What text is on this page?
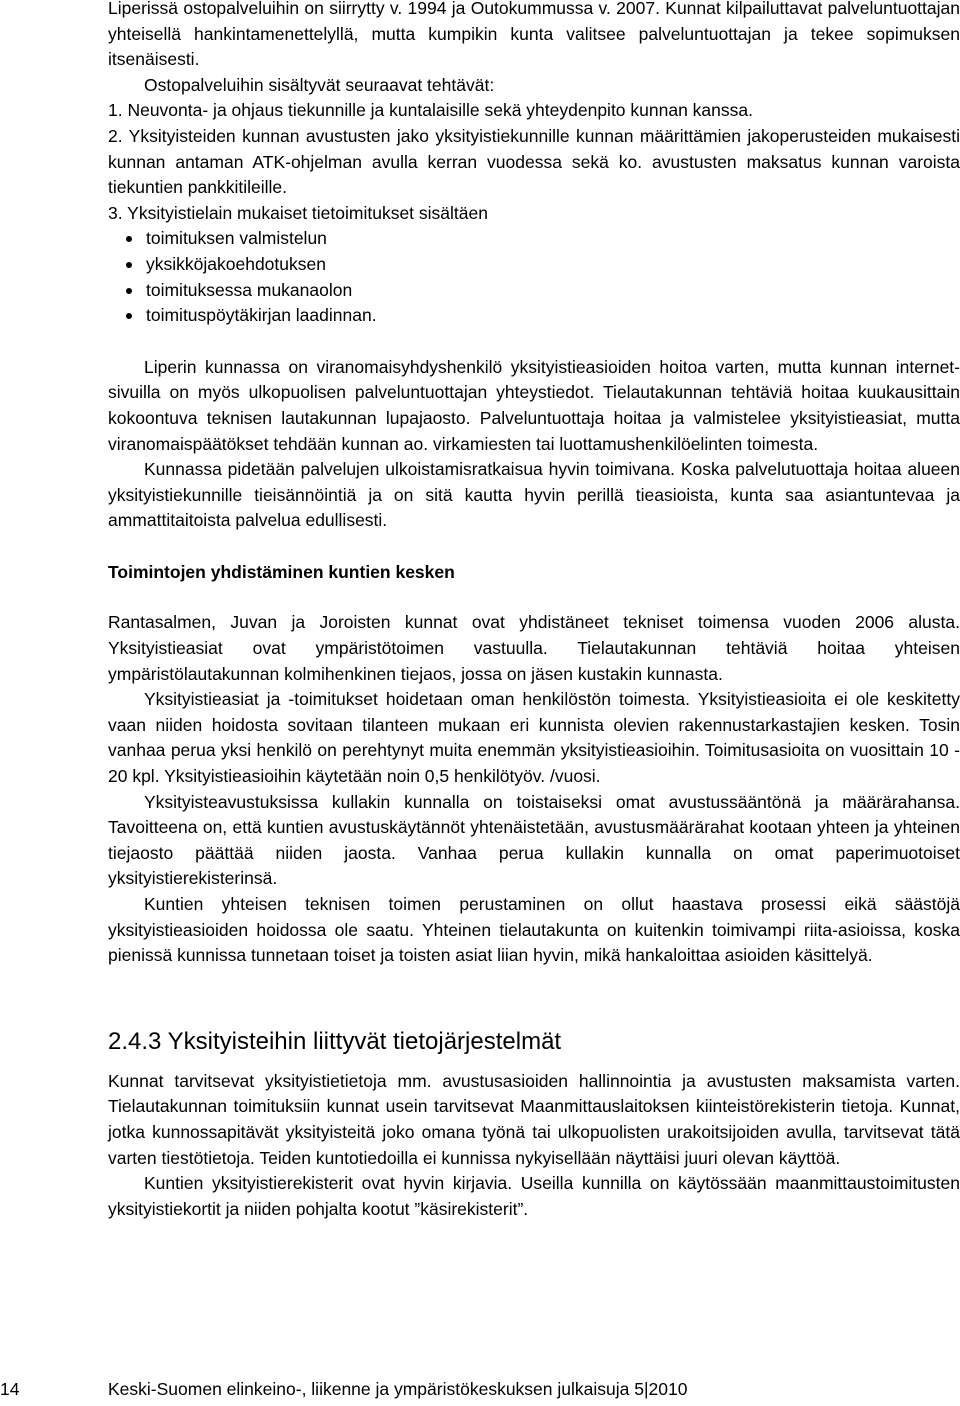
Liperissä ostopalveluihin on siirrytty v. 1994 ja Outokummussa v. 2007. Kunnat kilpailuttavat palveluntuottajan yhteisellä hankintamenettelyllä, mutta kumpikin kunta valitsee palveluntuottajan ja tekee sopimuksen itsenäisesti.

Ostopalveluihin sisältyvät seuraavat tehtävät:

1. Neuvonta- ja ohjaus tiekunnille ja kuntalaisille sekä yhteydenpito kunnan kanssa.

2. Yksityisteiden kunnan avustusten jako yksityistiekunnille kunnan määrittämien jakoperusteiden mukaisesti kunnan antaman ATK-ohjelman avulla kerran vuodessa sekä ko. avustusten maksatus kunnan varoista tiekuntien pankkitileille.

3. Yksityistielain mukaiset tietoimitukset sisältäen

toimituksen valmistelun
yksikköjakoehdotuksen
toimituksessa mukanaolon
toimituspöytäkirjan laadinnan.

Liperin kunnassa on viranomaisyhdyshenkilö yksityistieasioiden hoitoa varten, mutta kunnan internet-sivuilla on myös ulkopuolisen palveluntuottajan yhteystiedot. Tielautakunnan tehtäviä hoitaa kuukausittain kokoontuva teknisen lautakunnan lupajaosto. Palveluntuottaja hoitaa ja valmistelee yksityistieasiat, mutta viranomaispäätökset tehdään kunnan ao. virkamiesten tai luottamushenkilöelinten toimesta.

Kunnassa pidetään palvelujen ulkoistamisratkaisua hyvin toimivana. Koska palvelutuottaja hoitaa alueen yksityistiekunnille tieisännöintiä ja on sitä kautta hyvin perillä tieasioista, kunta saa asiantuntevaa ja ammattitaitoista palvelua edullisesti.

Toimintojen yhdistäminen kuntien kesken

Rantasalmen, Juvan ja Joroisten kunnat ovat yhdistäneet tekniset toimensa vuoden 2006 alusta. Yksityistieasiat ovat ympäristötoimen vastuulla. Tielautakunnan tehtäviä hoitaa yhteisen ympäristölautakunnan kolmihenkinen tiejaos, jossa on jäsen kustakin kunnasta.

Yksityistieasiat ja -toimitukset hoidetaan oman henkilöstön toimesta. Yksityistieasioita ei ole keskitetty vaan niiden hoidosta sovitaan tilanteen mukaan eri kunnista olevien rakennustarkastajien kesken. Tosin vanhaa perua yksi henkilö on perehtynyt muita enemmän yksityistieasioihin. Toimitusasioita on vuosittain 10 - 20 kpl. Yksityistieasioihin käytetään noin 0,5 henkilötyöv. /vuosi.

Yksityisteavustuksissa kullakin kunnalla on toistaiseksi omat avustussääntönä ja määrärahansa. Tavoitteena on, että kuntien avustuskäytännöt yhtenäistetään, avustusmäärärahat kootaan yhteen ja yhteinen tiejaosto päättää niiden jaosta. Vanhaa perua kullakin kunnalla on omat paperimuotoiset yksityistierekisterinsä.

Kuntien yhteisen teknisen toimen perustaminen on ollut haastava prosessi eikä säästöjä yksityistieasioiden hoidossa ole saatu. Yhteinen tielautakunta on kuitenkin toimivampi riita-asioissa, koska pienissä kunnissa tunnetaan toiset ja toisten asiat liian hyvin, mikä hankaloittaa asioiden käsittelyä.

2.4.3 Yksityisteihin liittyvät tietojärjestelmät

Kunnat tarvitsevat yksityistietietoja mm. avustusasioiden hallinnointia ja avustusten maksamista varten. Tielautakunnan toimituksiin kunnat usein tarvitsevat Maanmittauslaitoksen kiinteistörekisterin tietoja. Kunnat, jotka kunnossapitävät yksityisteitä joko omana työnä tai ulkopuolisten urakoitsijoiden avulla, tarvitsevat tätä varten tiestötietoja. Teiden kuntotiedoilla ei kunnissa nykyisellään näyttäisi juuri olevan käyttöä.

Kuntien yksityistierekisterit ovat hyvin kirjavia. Useilla kunnilla on käytössään maanmittaustoimitusten yksityistiekortit ja niiden pohjalta kootut ”käsirekisterit”.

14	Keski-Suomen elinkeino-, liikenne ja ympäristökeskuksen julkaisuja 5|2010
